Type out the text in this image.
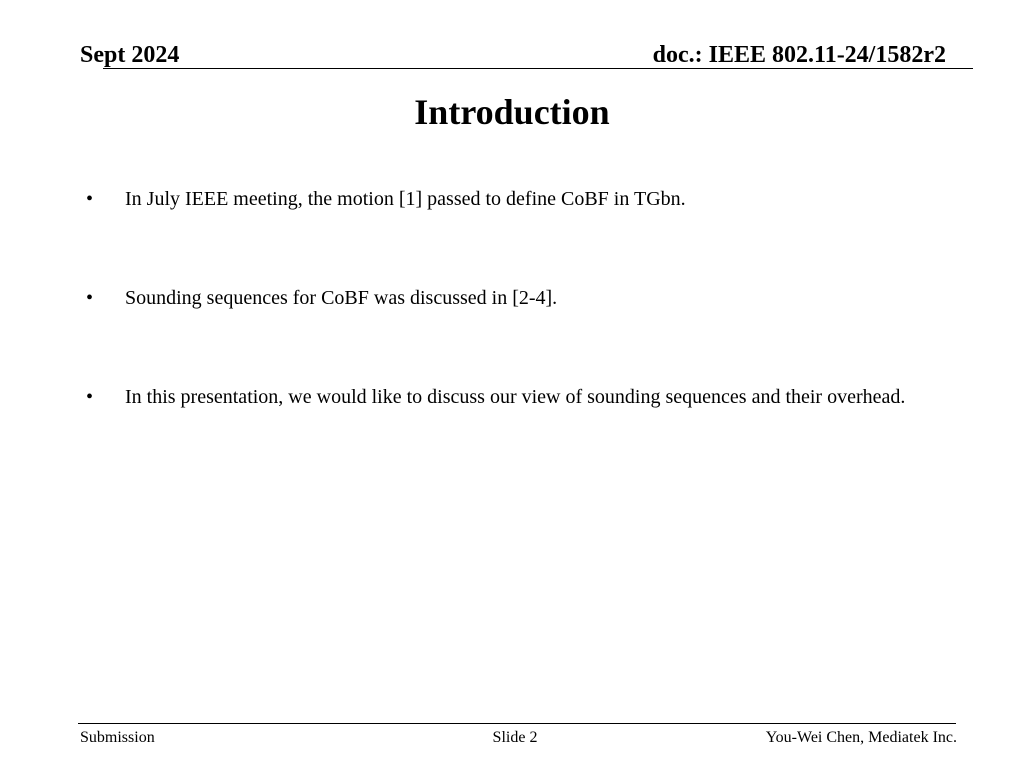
Sept 2024	doc.: IEEE 802.11-24/1582r2
Introduction
•	In July IEEE meeting, the motion [1] passed to define CoBF in TGbn.
•	Sounding sequences for CoBF was discussed in [2-4].
•	In this presentation, we would like to discuss our view of sounding sequences and their overhead.
Submission	Slide 2	You-Wei Chen, Mediatek Inc.
